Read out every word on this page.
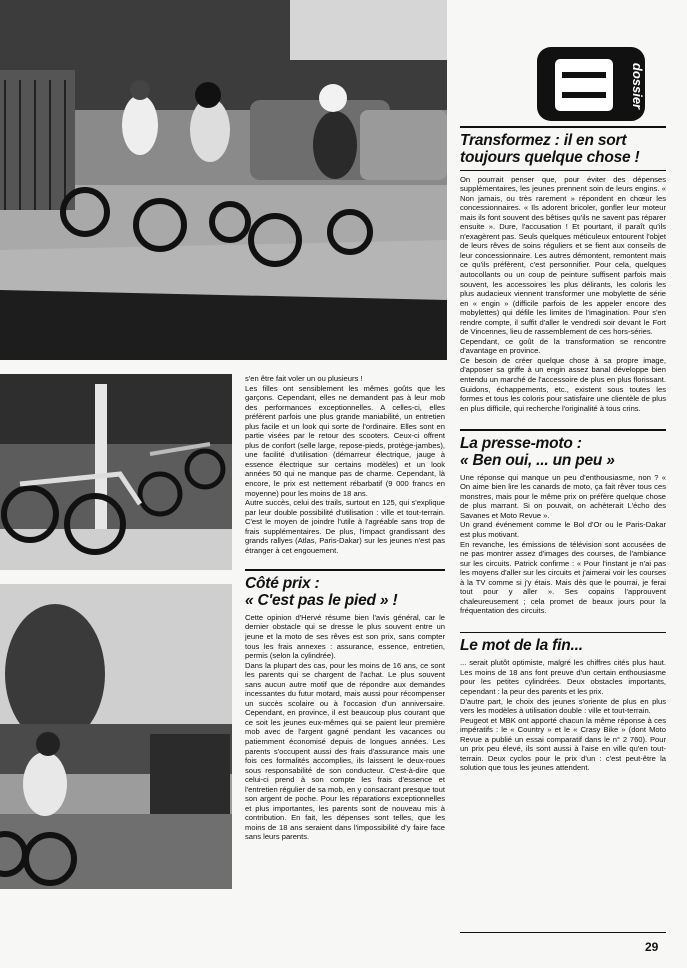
dossier

s'en être fait voler un ou plusieurs !

Les filles ont sensiblement les mêmes goûts que les garçons. Cependant, elles ne demandent pas à leur mob des performances exceptionnelles. A celles-ci, elles préfèrent parfois une plus grande maniabilité, un entretien plus facile et un look qui sorte de l'ordinaire. Elles sont en partie visées par le retour des scooters. Ceux-ci offrent plus de confort (selle large, repose-pieds, protège-jambes), une facilité d'utilisation (démarreur électrique, jauge à essence électrique sur certains modèles) et un look années 50 qui ne manque pas de charme. Cependant, là encore, le prix est nettement rébarbatif (9 000 francs en moyenne) pour les moins de 18 ans.

Autre succès, celui des trails, surtout en 125, qui s'explique par leur double possibilité d'utilisation : ville et tout-terrain. C'est le moyen de joindre l'utile à l'agréable sans trop de frais supplémentaires. De plus, l'impact grandissant des grands rallyes (Atlas, Paris-Dakar) sur les jeunes n'est pas étranger à cet engouement.

Côté prix :
« C'est pas le pied » !

Cette opinion d'Hervé résume bien l'avis général, car le dernier obstacle qui se dresse le plus souvent entre un jeune et la moto de ses rêves est son prix, sans compter tous les frais annexes : assurance, essence, entretien, permis (selon la cylindrée).

Dans la plupart des cas, pour les moins de 16 ans, ce sont les parents qui se chargent de l'achat. Le plus souvent sans aucun autre motif que de répondre aux demandes incessantes du futur motard, mais aussi pour récompenser un succès scolaire ou à l'occasion d'un anniversaire. Cependant, en province, il est beaucoup plus courant que ce soit les jeunes eux-mêmes qui se paient leur première mob avec de l'argent gagné pendant les vacances ou patiemment économisé depuis de longues années. Les parents s'occupent aussi des frais d'assurance mais une fois ces formalités accomplies, ils laissent le deux-roues sous responsabilité de son conducteur. C'est-à-dire que celui-ci prend à son compte les frais d'essence et l'entretien régulier de sa mob, en y consacrant presque tout son argent de poche. Pour les réparations exceptionnelles et plus importantes, les parents sont de nouveau mis à contribution. En fait, les dépenses sont telles, que les moins de 18 ans seraient dans l'impossibilité d'y faire face sans leurs parents.

Transformez : il en sort
toujours quelque chose !

On pourrait penser que, pour éviter des dépenses supplémentaires, les jeunes prennent soin de leurs engins. « Non jamais, ou très rarement » répondent en chœur les concessionnaires. « Ils adorent bricoler, gonfler leur moteur mais ils font souvent des bêtises qu'ils ne savent pas réparer ensuite ». Dure, l'accusation ! Et pourtant, il paraît qu'ils n'exagèrent pas. Seuls quelques méticuleux entourent l'objet de leurs rêves de soins réguliers et se fient aux conseils de leur concessionnaire. Les autres démontent, remontent mais ce qu'ils préfèrent, c'est personnifier. Pour cela, quelques autocollants ou un coup de peinture suffisent parfois mais souvent, les accessoires les plus délirants, les coloris les plus audacieux viennent transformer une mobylette de série en « engin » (difficile parfois de les appeler encore des mobylettes) qui défile les limites de l'imagination. Pour s'en rendre compte, il suffit d'aller le vendredi soir devant le Fort de Vincennes, lieu de rassemblement de ces hors-séries.

Cependant, ce goût de la transformation se rencontre d'avantage en province.

Ce besoin de créer quelque chose à sa propre image, d'apposer sa griffe à un engin assez banal développe bien entendu un marché de l'accessoire de plus en plus florissant. Guidons, échappements, etc., existent sous toutes les formes et tous les coloris pour satisfaire une clientèle de plus en plus difficile, qui recherche l'originalité à tous crins.

La presse-moto :
« Ben oui, ... un peu »

Une réponse qui manque un peu d'enthousiasme, non ? « On aime bien lire les canards de moto, ça fait rêver tous ces monstres, mais pour le même prix on préfère quelque chose de plus marrant. Si on pouvait, on achèterait L'écho des Savanes et Moto Revue ».

Un grand événement comme le Bol d'Or ou le Paris-Dakar est plus motivant.

En revanche, les émissions de télévision sont accusées de ne pas montrer assez d'images des courses, de l'ambiance sur les circuits. Patrick confirme : « Pour l'instant je n'ai pas les moyens d'aller sur les circuits et j'aimerai voir les courses à la TV comme si j'y étais. Mais dès que le pourrai, je ferai tout pour y aller ». Ses copains l'approuvent chaleureusement ; cela promet de beaux jours pour la fréquentation des circuits.

Le mot de la fin...

... serait plutôt optimiste, malgré les chiffres cités plus haut. Les moins de 18 ans font preuve d'un certain enthousiasme pour les petites cylindrées. Deux obstacles importants, cependant : la peur des parents et les prix.

D'autre part, le choix des jeunes s'oriente de plus en plus vers les modèles à utilisation double : ville et tout-terrain.

Peugeot et MBK ont apporté chacun la même réponse à ces impératifs : le « Country » et le « Crasy Bike » (dont Moto Revue a publié un essai comparatif dans le n° 2 760). Pour un prix peu élevé, ils sont aussi à l'aise en ville qu'en tout-terrain. Deux cyclos pour le prix d'un : c'est peut-être la solution que tous les jeunes attendent.

29
